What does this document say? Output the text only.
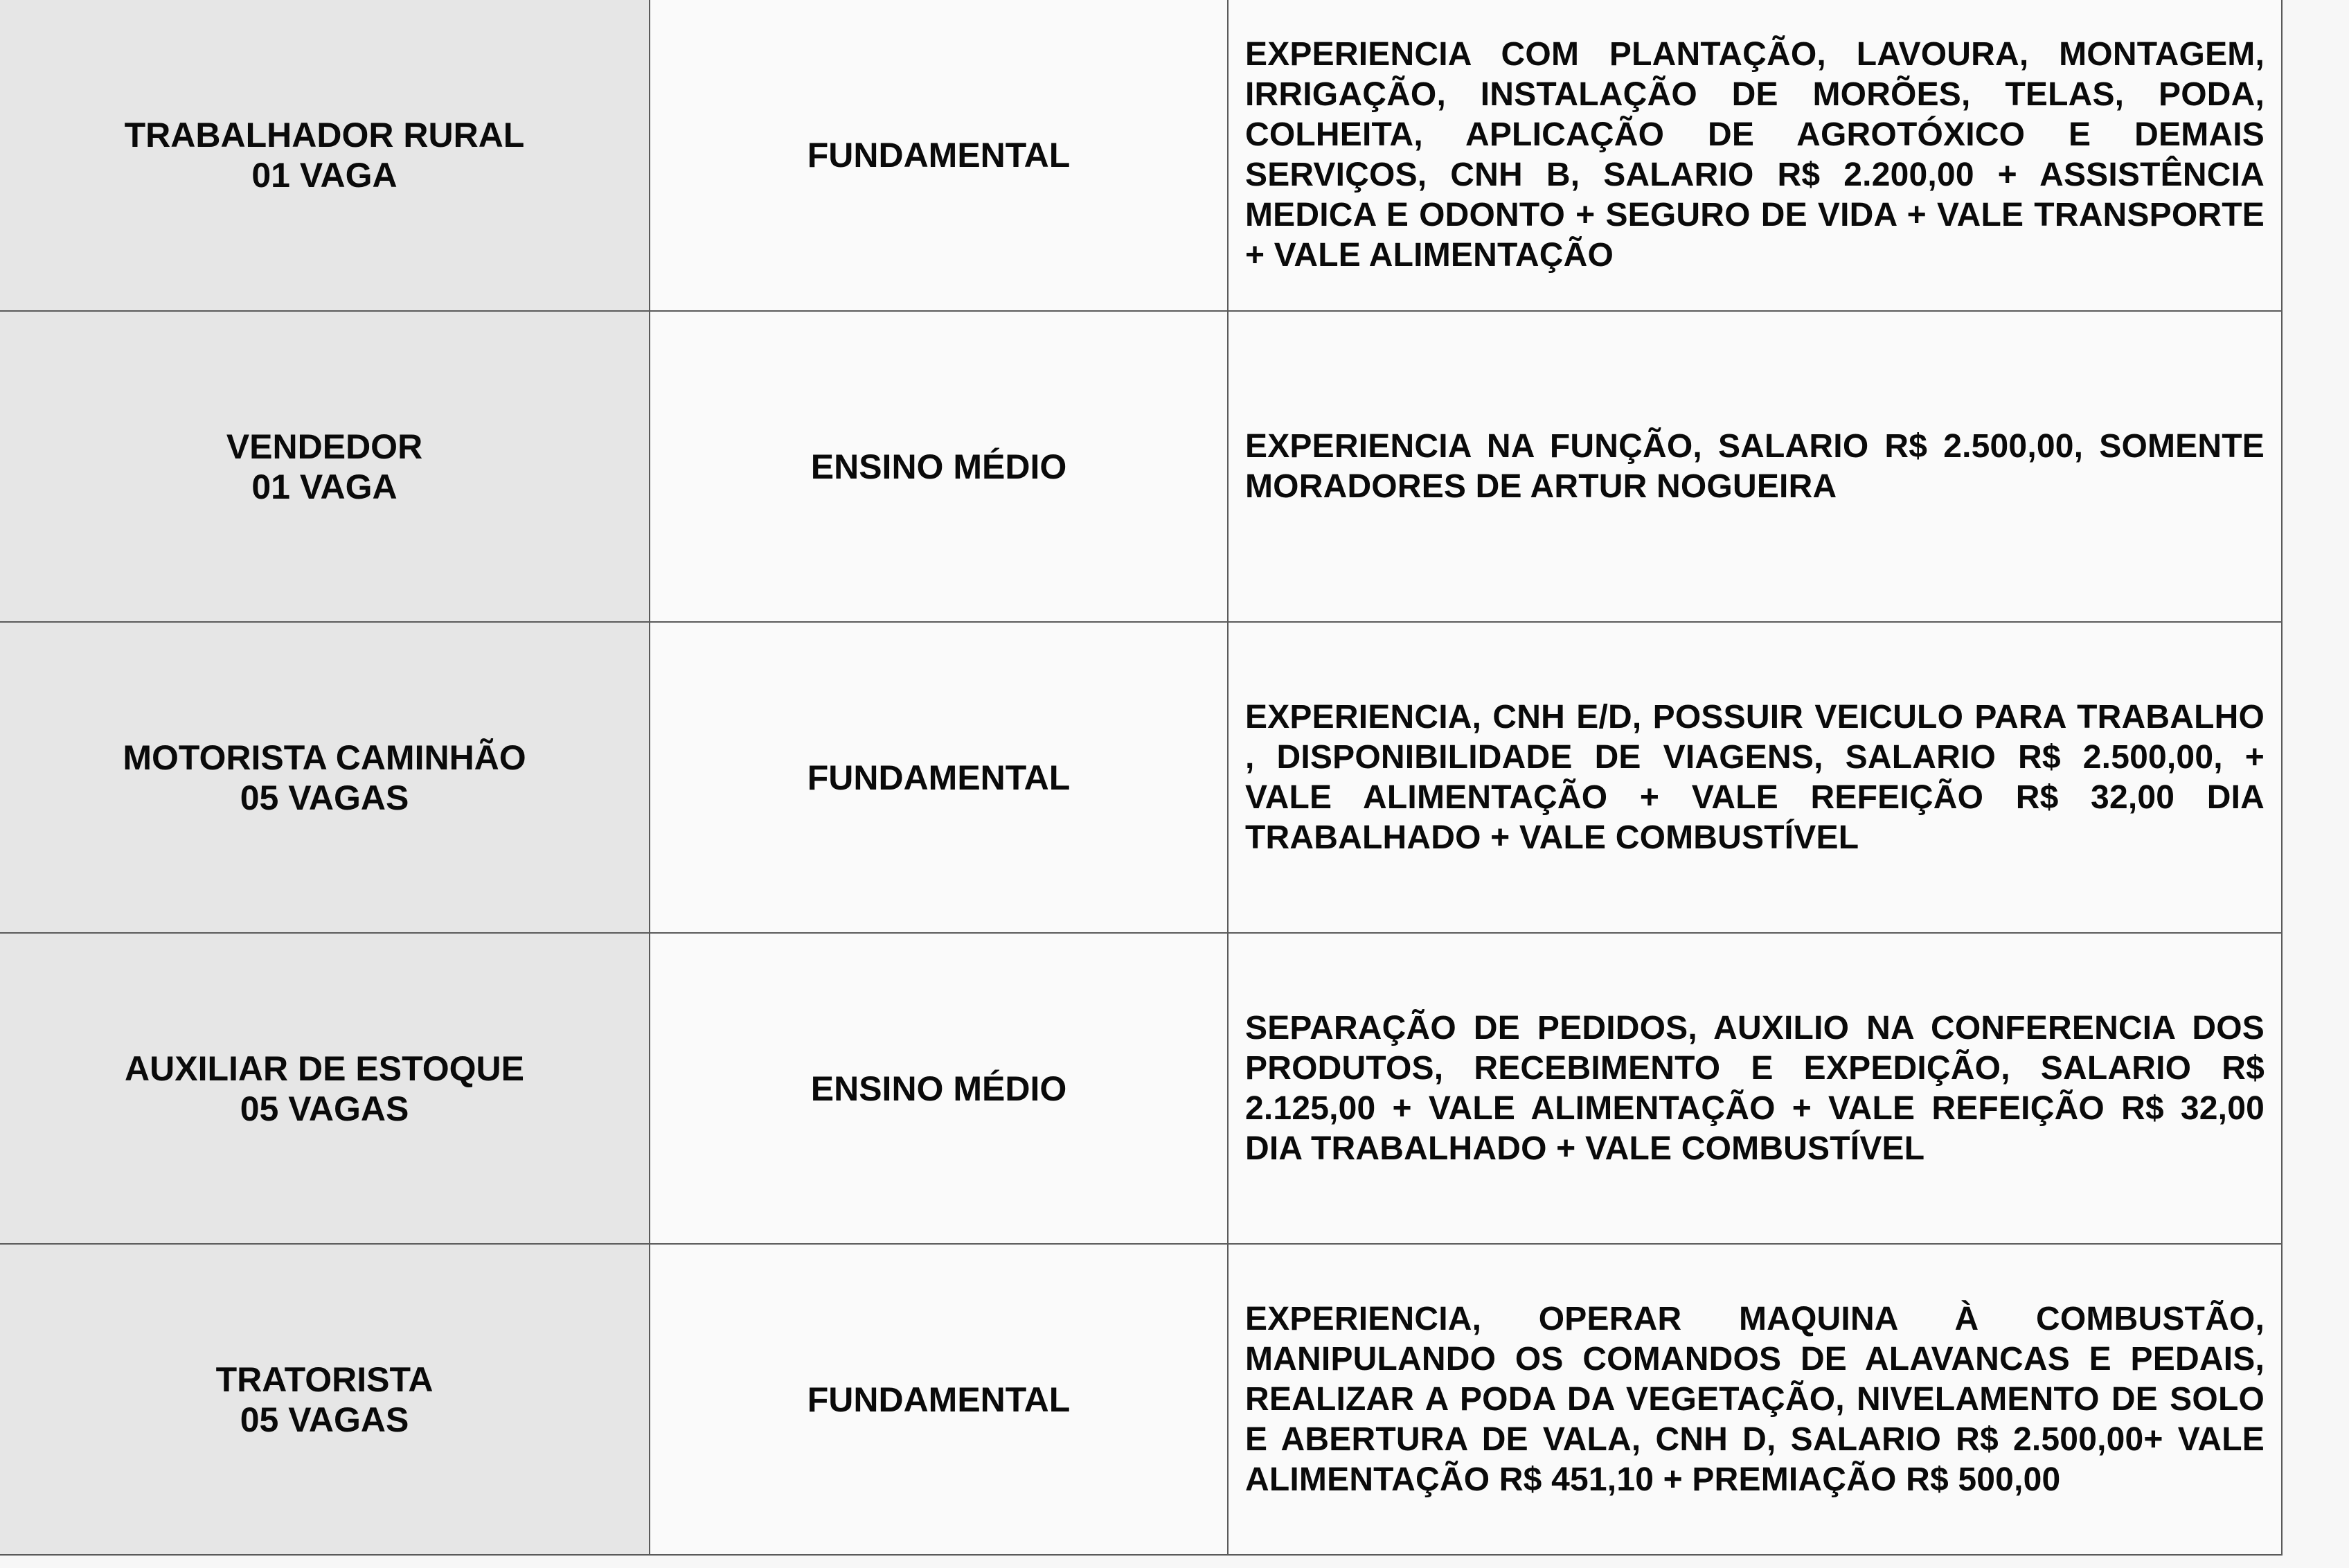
TRABALHADOR RURAL
01 VAGA	FUNDAMENTAL	EXPERIENCIA COM PLANTAÇÃO, LAVOURA, MONTAGEM, IRRIGAÇÃO, INSTALAÇÃO DE MORÕES, TELAS, PODA, COLHEITA, APLICAÇÃO DE AGROTÓXICO E DEMAIS SERVIÇOS, CNH B, SALARIO R$ 2.200,00 + ASSISTÊNCIA MEDICA E ODONTO + SEGURO DE VIDA + VALE TRANSPORTE + VALE ALIMENTAÇÃO

VENDEDOR
01 VAGA	ENSINO MÉDIO	EXPERIENCIA NA FUNÇÃO, SALARIO R$ 2.500,00, SOMENTE MORADORES DE ARTUR NOGUEIRA

MOTORISTA CAMINHÃO
05 VAGAS	FUNDAMENTAL	EXPERIENCIA, CNH E/D, POSSUIR VEICULO PARA TRABALHO , DISPONIBILIDADE DE VIAGENS, SALARIO R$ 2.500,00, + VALE ALIMENTAÇÃO + VALE REFEIÇÃO R$ 32,00 DIA TRABALHADO + VALE COMBUSTÍVEL

AUXILIAR DE ESTOQUE
05 VAGAS	ENSINO MÉDIO	SEPARAÇÃO DE PEDIDOS, AUXILIO NA CONFERENCIA DOS PRODUTOS, RECEBIMENTO E EXPEDIÇÃO, SALARIO R$ 2.125,00 + VALE ALIMENTAÇÃO + VALE REFEIÇÃO R$ 32,00 DIA TRABALHADO + VALE COMBUSTÍVEL

TRATORISTA
05 VAGAS	FUNDAMENTAL	EXPERIENCIA, OPERAR MAQUINA À COMBUSTÃO, MANIPULANDO OS COMANDOS DE ALAVANCAS E PEDAIS, REALIZAR A PODA DA VEGETAÇÃO, NIVELAMENTO DE SOLO E ABERTURA DE VALA, CNH D, SALARIO R$ 2.500,00+ VALE ALIMENTAÇÃO R$ 451,10 + PREMIAÇÃO R$ 500,00
